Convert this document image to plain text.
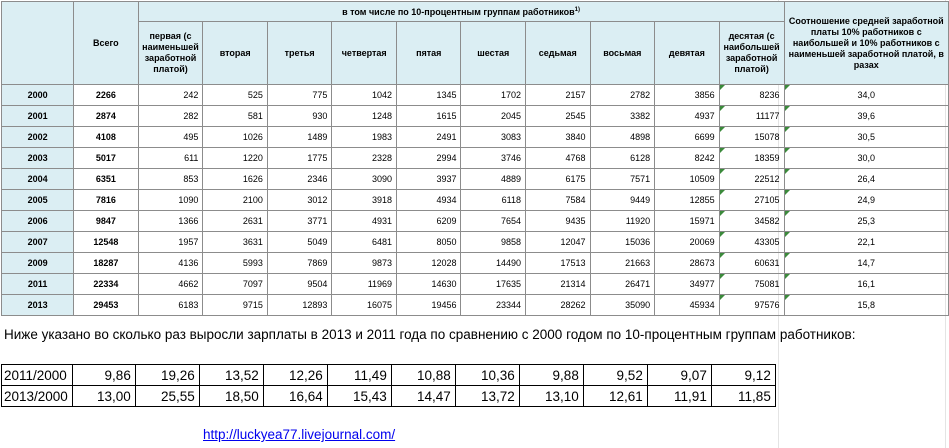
	Всего	в том числе по 10-процентным группам работников$^{1)}$										Соотношение средней заработной платы 10% работников с наибольшей и 10% работников с наименьшей заработной платой, в разах
		первая (с наименьшей заработной платой)	вторая	третья	четвертая	пятая	шестая	седьмая	восьмая	девятая	десятая (с наибольшей заработной платой)	
2000	2266	242	525	775	1042	1345	1702	2157	2782	3856	8236	34,0
2001	2874	282	581	930	1248	1615	2045	2545	3382	4937	11177	39,6
2002	4108	495	1026	1489	1983	2491	3083	3840	4898	6699	15078	30,5
2003	5017	611	1220	1775	2328	2994	3746	4768	6128	8242	18359	30,0
2004	6351	853	1626	2346	3090	3937	4889	6175	7571	10509	22512	26,4
2005	7816	1090	2100	3012	3918	4934	6118	7584	9449	12855	27105	24,9
2006	9847	1366	2631	3771	4931	6209	7654	9435	11920	15971	34582	25,3
2007	12548	1957	3631	5049	6481	8050	9858	12047	15036	20069	43305	22,1
2009	18287	4136	5993	7869	9873	12028	14490	17513	21663	28673	60631	14,7
2011	22334	4662	7097	9504	11969	14630	17635	21314	26471	34977	75081	16,1
2013	29453	6183	9715	12893	16075	19456	23344	28262	35090	45934	97576	15,8
Ниже указано во сколько раз выросли зарплаты в 2013 и 2011 года по сравнению с 2000 годом по 10-процентным группам работников:
2011/2000	9,86	19,26	13,52	12,26	11,49	10,88	10,36	9,88	9,52	9,07	9,12
2013/2000	13,00	25,55	18,50	16,64	15,43	14,47	13,72	13,10	12,61	11,91	11,85
http://luckyea77.livejournal.com/
